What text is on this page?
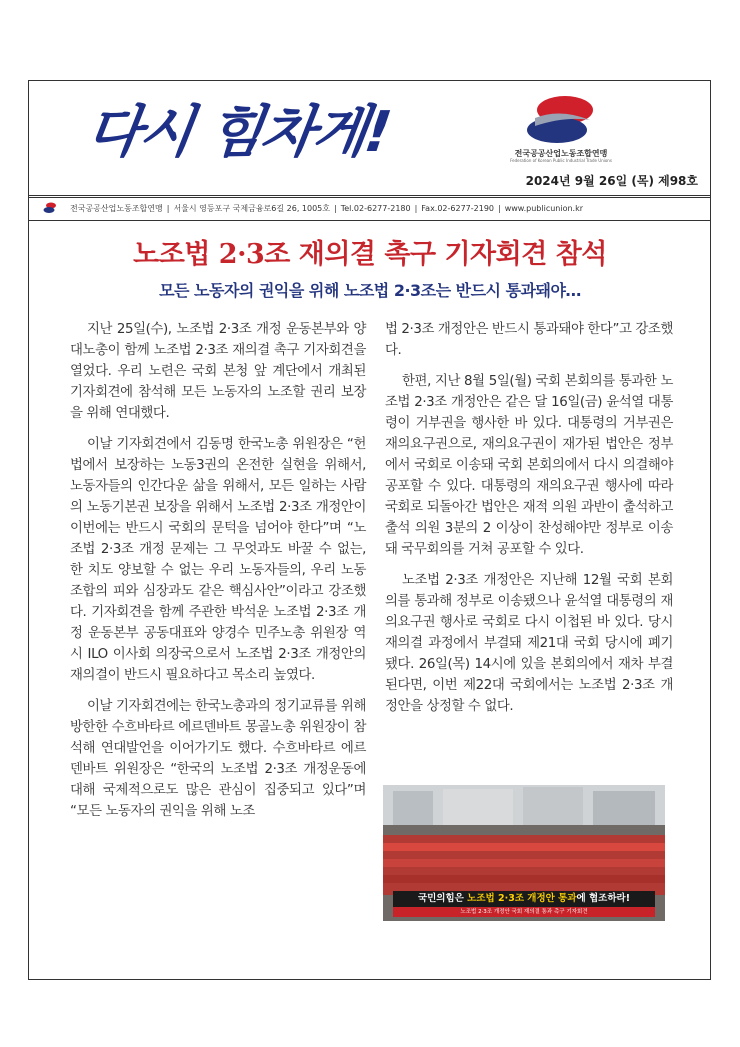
다시 힘차게!	전국공공산업노동조합연맹
Federation of Korean Public Industrial Trade Unions
2024년 9월 26일 (목) 제98호
전국공공산업노동조합연맹 | 서울시 영등포구 국제금융로6길 26, 1005호 | Tel.02-6277-2180 | Fax.02-6277-2190 | www.publicunion.kr
노조법 2·3조 재의결 촉구 기자회견 참석
모든 노동자의 권익을 위해 노조법 2·3조는 반드시 통과돼야…

지난 25일(수), 노조법 2·3조 개정 운동본부와 양대노총이 함께 노조법 2·3조 재의결 촉구 기자회견을 열었다. 우리 노련은 국회 본청 앞 계단에서 개최된 기자회견에 참석해 모든 노동자의 노조할 권리 보장을 위해 연대했다.

이날 기자회견에서 김동명 한국노총 위원장은 “헌법에서 보장하는 노동3권의 온전한 실현을 위해서, 노동자들의 인간다운 삶을 위해서, 모든 일하는 사람의 노동기본권 보장을 위해서 노조법 2·3조 개정안이 이번에는 반드시 국회의 문턱을 넘어야 한다”며 “노조법 2·3조 개정 문제는 그 무엇과도 바꿀 수 없는, 한 치도 양보할 수 없는 우리 노동자들의, 우리 노동조합의 피와 심장과도 같은 핵심사안”이라고 강조했다. 기자회견을 함께 주관한 박석운 노조법 2·3조 개정 운동본부 공동대표와 양경수 민주노총 위원장 역시 ILO 이사회 의장국으로서 노조법 2·3조 개정안의 재의결이 반드시 필요하다고 목소리 높였다.

이날 기자회견에는 한국노총과의 정기교류를 위해 방한한 수흐바타르 에르덴바트 몽골노총 위원장이 참석해 연대발언을 이어가기도 했다. 수흐바타르 에르덴바트 위원장은 “한국의 노조법 2·3조 개정운동에 대해 국제적으로도 많은 관심이 집중되고 있다”며 “모든 노동자의 권익을 위해 노조

법 2·3조 개정안은 반드시 통과돼야 한다”고 강조했다.

한편, 지난 8월 5일(월) 국회 본회의를 통과한 노조법 2·3조 개정안은 같은 달 16일(금) 윤석열 대통령이 거부권을 행사한 바 있다. 대통령의 거부권은 재의요구권으로, 재의요구권이 재가된 법안은 정부에서 국회로 이송돼 국회 본회의에서 다시 의결해야 공포할 수 있다. 대통령의 재의요구권 행사에 따라 국회로 되돌아간 법안은 재적 의원 과반이 출석하고 출석 의원 3분의 2 이상이 찬성해야만 정부로 이송돼 국무회의를 거쳐 공포할 수 있다.

노조법 2·3조 개정안은 지난해 12월 국회 본회의를 통과해 정부로 이송됐으나 윤석열 대통령의 재의요구권 행사로 국회로 다시 이첩된 바 있다. 당시 재의결 과정에서 부결돼 제21대 국회 당시에 폐기됐다. 26일(목) 14시에 있을 본회의에서 재차 부결된다면, 이번 제22대 국회에서는 노조법 2·3조 개정안을 상정할 수 없다.

국민의힘은 노조법 2·3조 개정안 통과에 협조하라!
노조법 2·3조 개정안 국회 재의결 통과 촉구 기자회견
